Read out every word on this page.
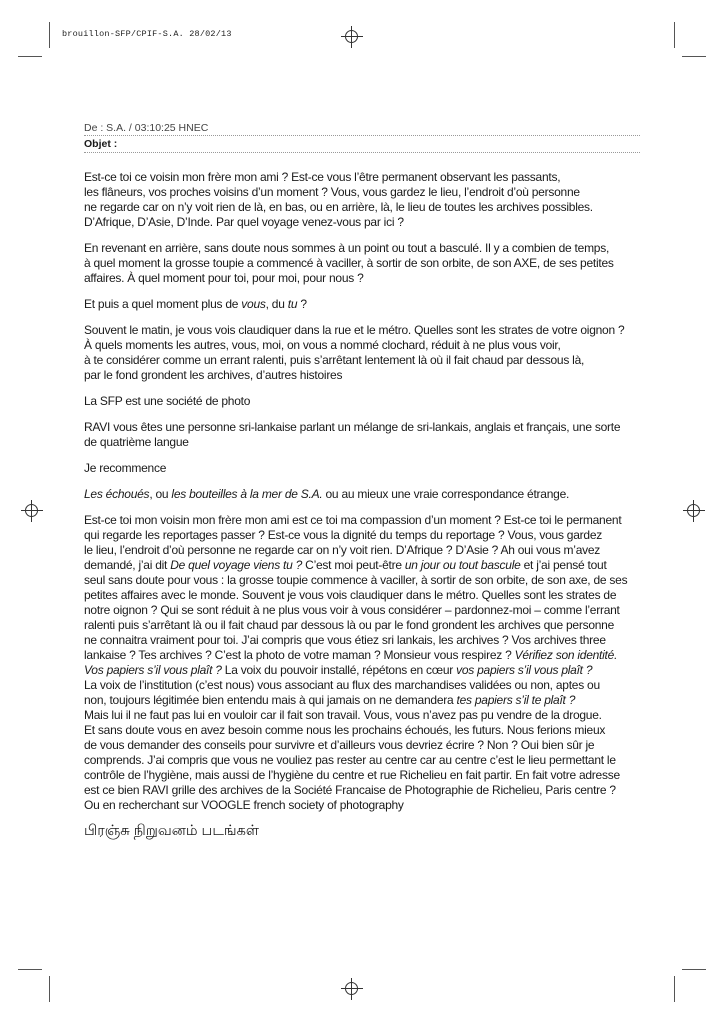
brouillon-SFP/CPIF-S.A. 28/02/13
De : S.A. / 03:10:25 HNEC
Objet :

Est-ce toi ce voisin mon frère mon ami ? Est-ce vous l’être permanent observant les passants,
les flâneurs, vos proches voisins d’un moment ? Vous, vous gardez le lieu, l’endroit d’où personne
ne regarde car on n’y voit rien de là, en bas, ou en arrière, là, le lieu de toutes les archives possibles.
D’Afrique, D’Asie, D’Inde. Par quel voyage venez-vous par ici ?

En revenant en arrière, sans doute nous sommes à un point ou tout a basculé. Il y a combien de temps,
à quel moment la grosse toupie a commencé à vaciller, à sortir de son orbite, de son AXE, de ses petites
affaires. À quel moment pour toi, pour moi, pour nous ?

Et puis a quel moment plus de vous, du tu ?

Souvent le matin, je vous vois claudiquer dans la rue et le métro. Quelles sont les strates de votre oignon ?
À quels moments les autres, vous, moi, on vous a nommé clochard, réduit à ne plus vous voir,
à te considérer comme un errant ralenti, puis s’arrêtant lentement là où il fait chaud par dessous là,
par le fond grondent les archives, d’autres histoires

La SFP est une société de photo

RAVI vous êtes une personne sri-lankaise parlant un mélange de sri-lankais, anglais et français, une sorte
de quatrième langue

Je recommence

Les échoués, ou les bouteilles à la mer de S.A. ou au mieux une vraie correspondance étrange.

Est-ce toi mon voisin mon frère mon ami est ce toi ma compassion d’un moment ? Est-ce toi le permanent
qui regarde les reportages passer ? Est-ce vous la dignité du temps du reportage ? Vous, vous gardez
le lieu, l’endroit d’où personne ne regarde car on n’y voit rien. D’Afrique ? D’Asie ? Ah oui vous m’avez
demandé, j’ai dit De quel voyage viens tu ? C’est moi peut-être un jour ou tout bascule et j’ai pensé tout
seul sans doute pour vous : la grosse toupie commence à vaciller, à sortir de son orbite, de son axe, de ses
petites affaires avec le monde. Souvent je vous vois claudiquer dans le métro. Quelles sont les strates de
notre oignon ? Qui se sont réduit à ne plus vous voir à vous considérer – pardonnez-moi – comme l’errant
ralenti puis s’arrêtant là ou il fait chaud par dessous là ou par le fond grondent les archives que personne
ne connaitra vraiment pour toi. J’ai compris que vous étiez sri lankais, les archives ? Vos archives three
lankaise ? Tes archives ? C’est la photo de votre maman ? Monsieur vous respirez ? Vérifiez son identité.
Vos papiers s’il vous plaît ? La voix du pouvoir installé, répétons en cœur vos papiers s’il vous plaît ?
La voix de l’institution (c’est nous) vous associant au flux des marchandises validées ou non, aptes ou
non, toujours légitimée bien entendu mais à qui jamais on ne demandera tes papiers s’il te plaît ?
Mais lui il ne faut pas lui en vouloir car il fait son travail. Vous, vous n’avez pas pu vendre de la drogue.
Et sans doute vous en avez besoin comme nous les prochains échoués, les futurs. Nous ferions mieux
de vous demander des conseils pour survivre et d’ailleurs vous devriez écrire ? Non ? Oui bien sûr je
comprends. J’ai compris que vous ne vouliez pas rester au centre car au centre c’est le lieu permettant le
contrôle de l’hygiène, mais aussi de l’hygiène du centre et rue Richelieu en fait partir. En fait votre adresse
est ce bien RAVI grille des archives de la Société Francaise de Photographie de Richelieu, Paris centre ?
Ou en recherchant sur VOOGLE french society of photography

பிரஞ்சு நிறுவனம் படங்கள்
